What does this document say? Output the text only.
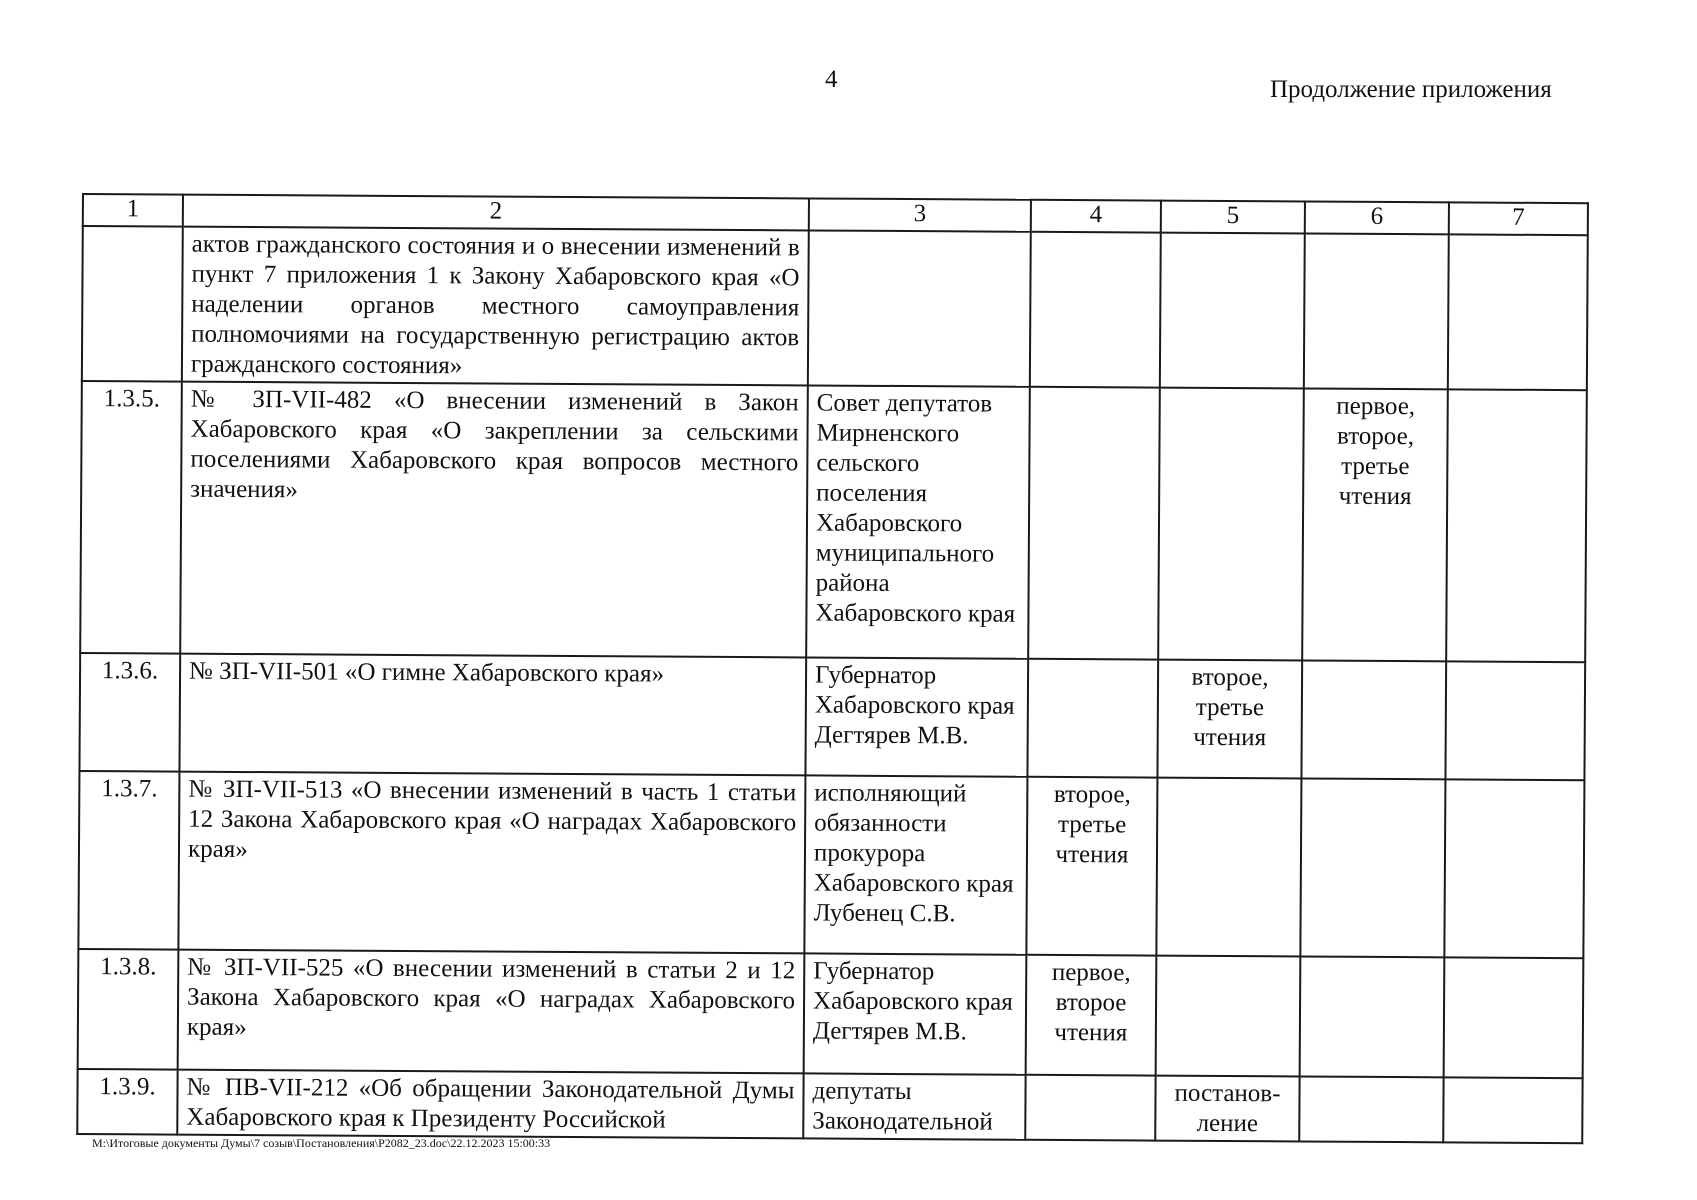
4	Продолжение приложения
1	2	3	4	5	6	7
	актов гражданского состояния и о внесении изменений в пункт 7 приложения 1 к Закону Хабаровского края «О наделении органов местного самоуправления полномочиями на государственную регистрацию актов гражданского состояния»					
1.3.5.	№ ЗП-VII-482 «О внесении изменений в Закон Хабаровского края «О закреплении за сельскими поселениями Хабаровского края вопросов местного значения»	Совет депутатов Мирненского сельского поселения Хабаровского муниципального района Хабаровского края			первое, второе, третье чтения	
1.3.6.	№ ЗП-VII-501 «О гимне Хабаровского края»	Губернатор Хабаровского края Дегтярев М.В.		второе, третье чтения		
1.3.7.	№ ЗП-VII-513 «О внесении изменений в часть 1 статьи 12 Закона Хабаровского края «О наградах Хабаровского края»	исполняющий обязанности прокурора Хабаровского края Лубенец С.В.	второе, третье чтения			
1.3.8.	№ ЗП-VII-525 «О внесении изменений в статьи 2 и 12 Закона Хабаровского края «О наградах Хабаровского края»	Губернатор Хабаровского края Дегтярев М.В.	первое, второе чтения			
1.3.9.	№ ПВ-VII-212 «Об обращении Законодательной Думы Хабаровского края к Президенту Российской	депутаты Законодательной		постанов-ление		
M:\Итоговые документы Думы\7 созыв\Постановления\P2082_23.doc\22.12.2023 15:00:33
